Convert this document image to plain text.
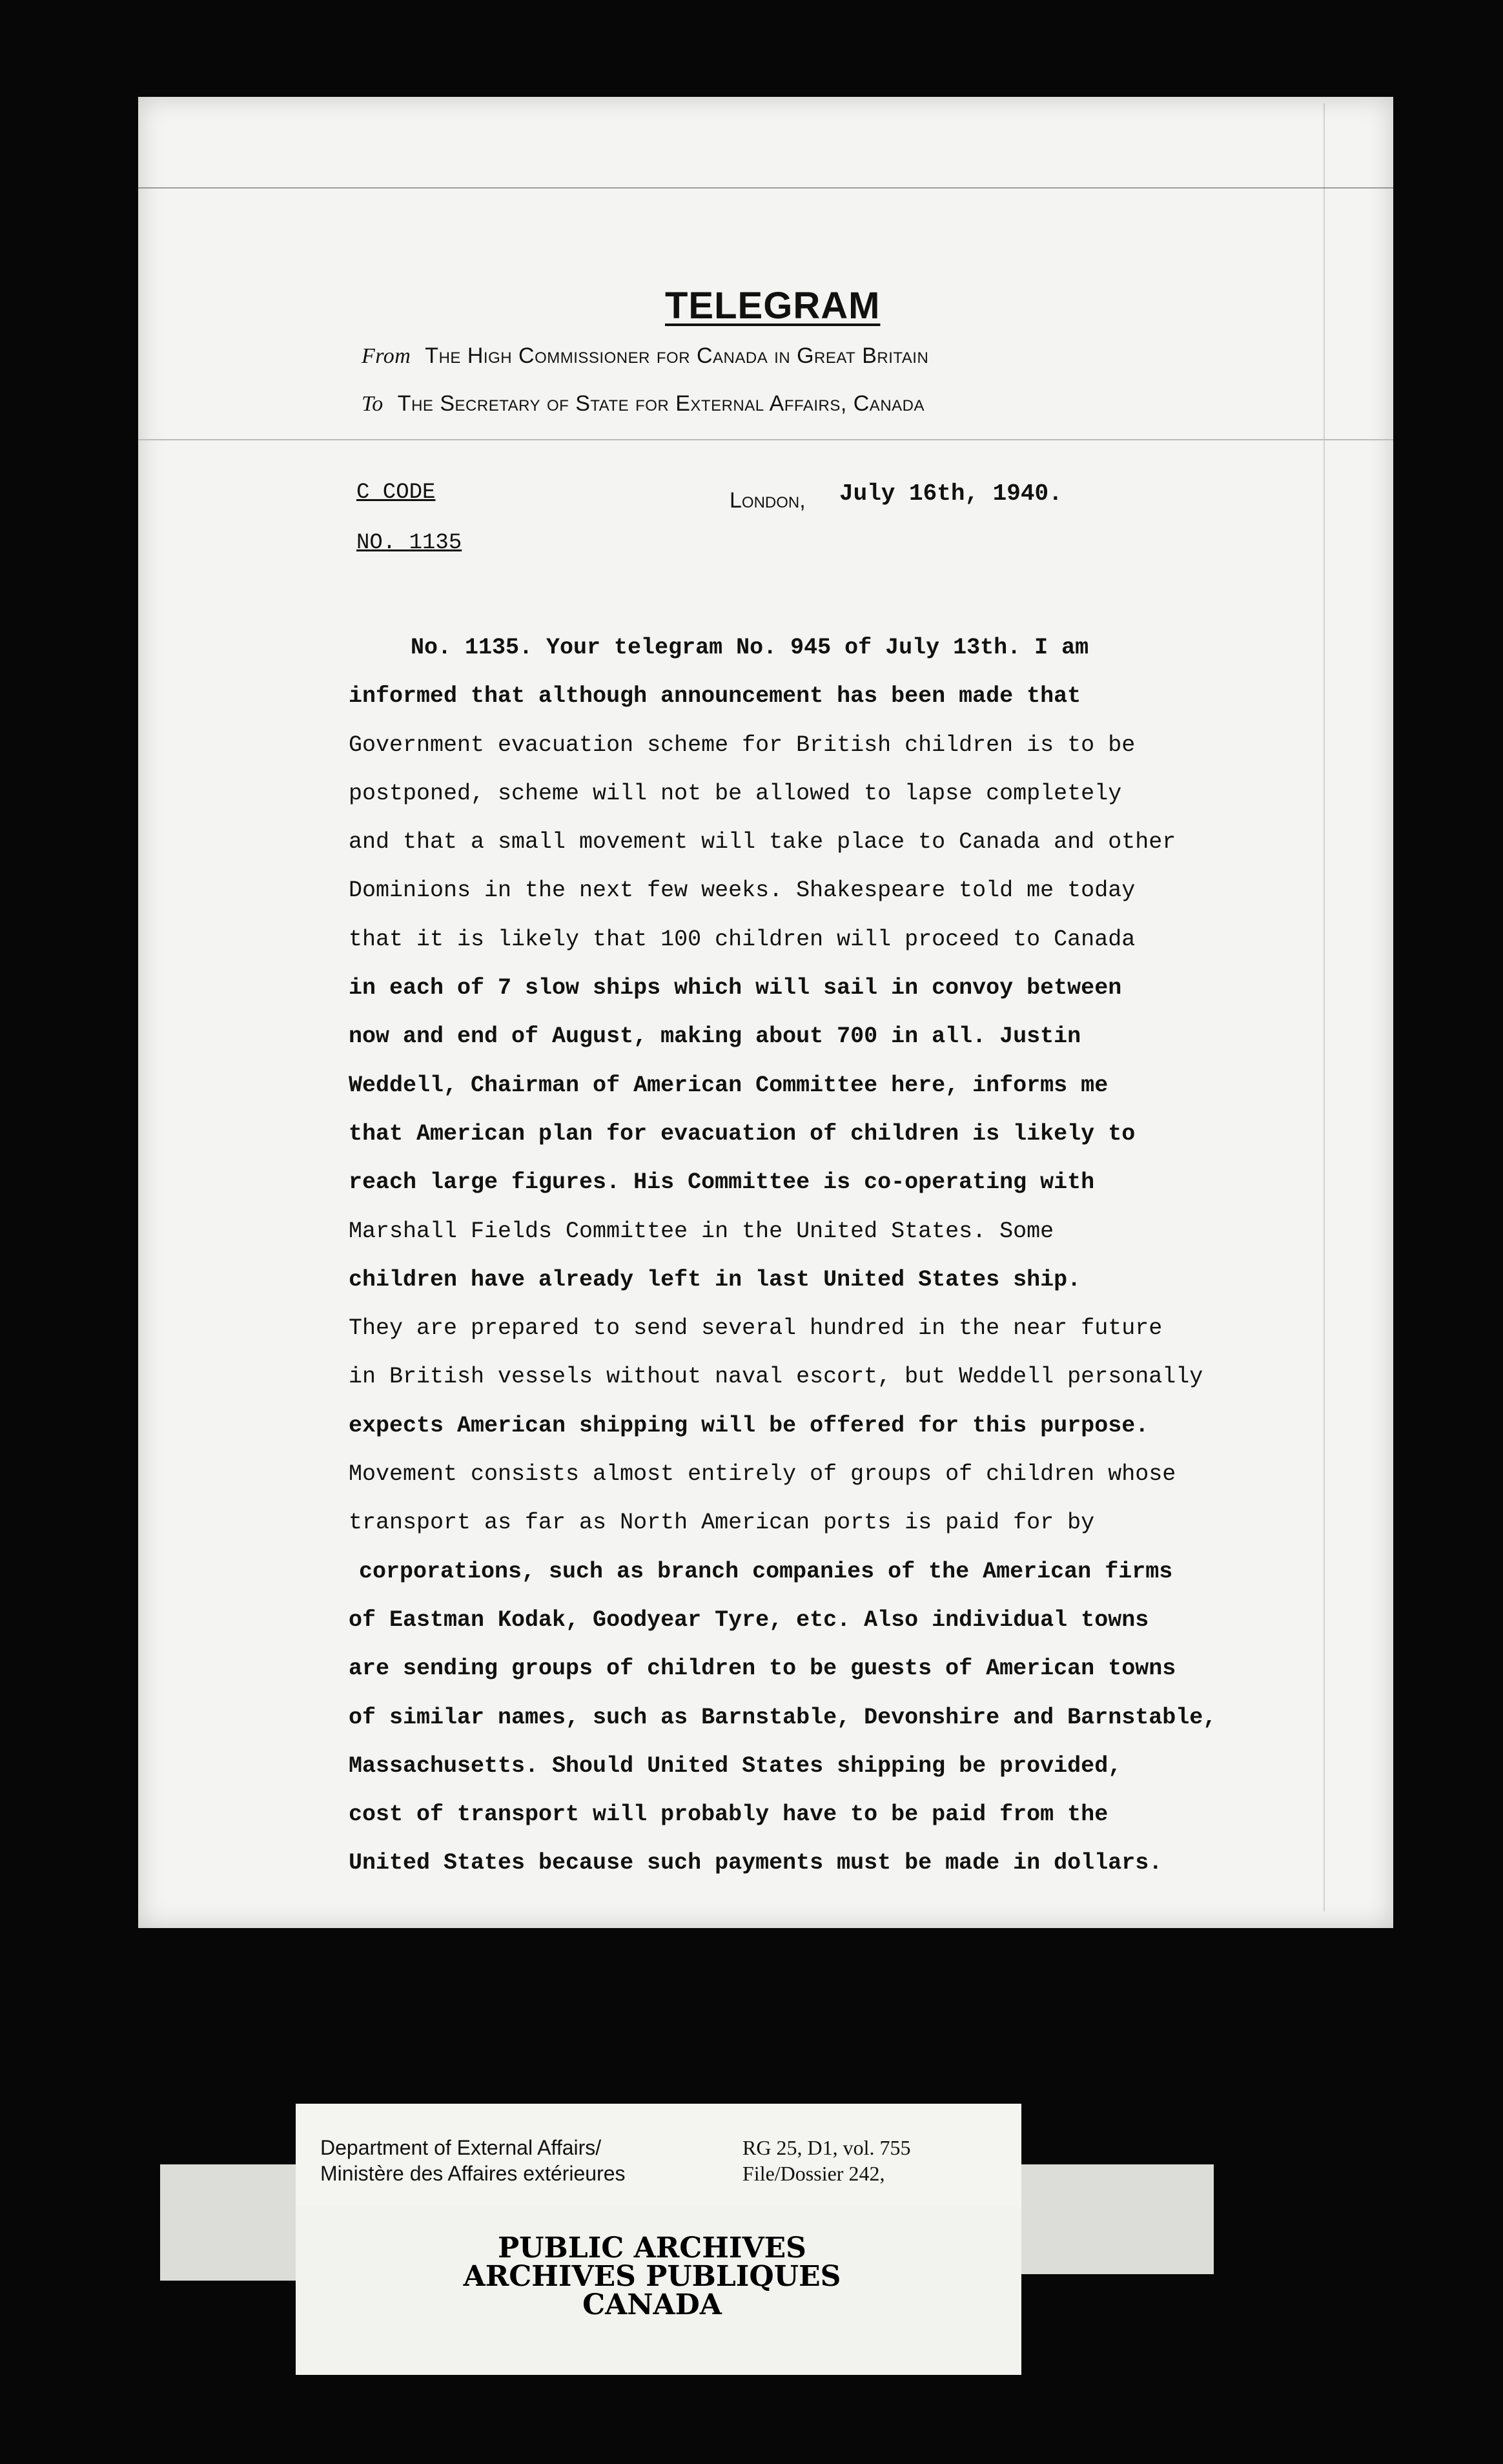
TELEGRAM
From The High Commissioner for Canada in Great Britain
To The Secretary of State for External Affairs, Canada
C CODE
NO. 1135
London, July 16th, 1940.
No. 1135. Your telegram No. 945 of July 13th. I am
informed that although announcement has been made that
Government evacuation scheme for British children is to be
postponed, scheme will not be allowed to lapse completely
and that a small movement will take place to Canada and other
Dominions in the next few weeks. Shakespeare told me today
that it is likely that 100 children will proceed to Canada
in each of 7 slow ships which will sail in convoy between
now and end of August, making about 700 in all. Justin
Weddell, Chairman of American Committee here, informs me
that American plan for evacuation of children is likely to
reach large figures. His Committee is co-operating with
Marshall Fields Committee in the United States. Some
children have already left in last United States ship.
They are prepared to send several hundred in the near future
in British vessels without naval escort, but Weddell personally
expects American shipping will be offered for this purpose.
Movement consists almost entirely of groups of children whose
transport as far as North American ports is paid for by
corporations, such as branch companies of the American firms
of Eastman Kodak, Goodyear Tyre, etc. Also individual towns
are sending groups of children to be guests of American towns
of similar names, such as Barnstable, Devonshire and Barnstable,
Massachusetts. Should United States shipping be provided,
cost of transport will probably have to be paid from the
United States because such payments must be made in dollars.
Department of External Affairs/
Ministère des Affaires extérieures
RG 25, D1, vol. 755
File/Dossier 242,
PUBLIC ARCHIVES
ARCHIVES PUBLIQUES
CANADA
